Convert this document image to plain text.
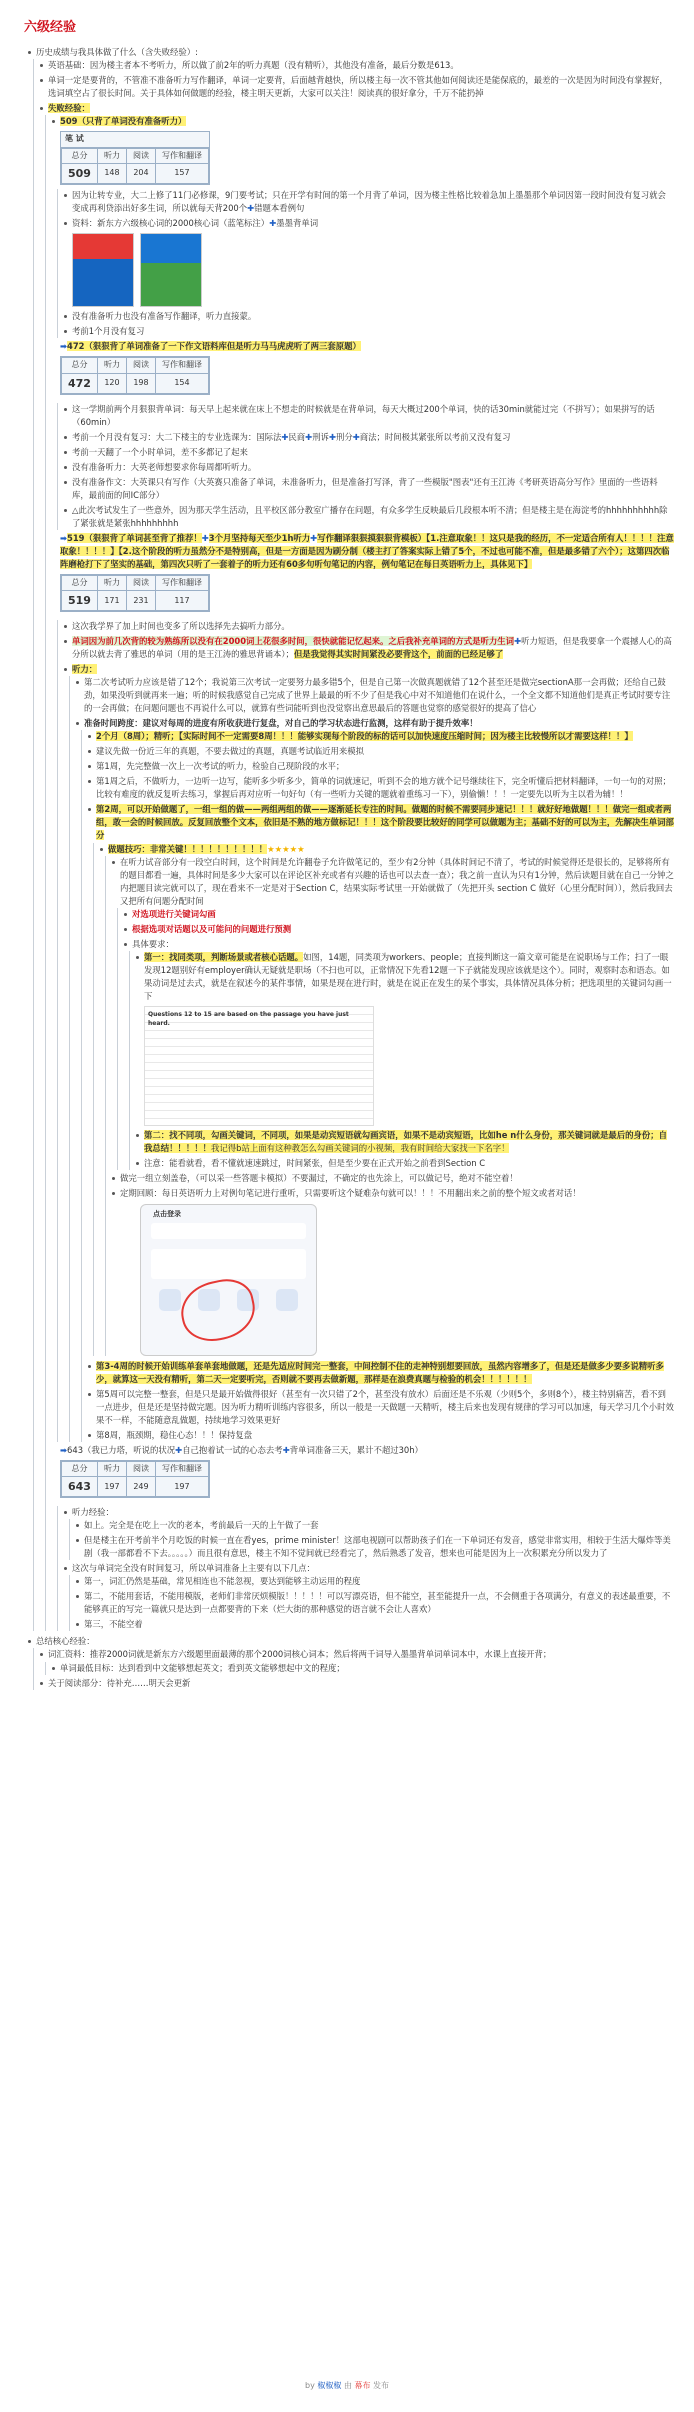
六级经验
历史成绩与我具体做了什么（含失败经验）:
英语基础：因为楼主者本不考听力，所以做了前2年的听力真题（没有精听），其他没有准备，最后分数是613。
单词一定是要背的，不管准不准备听力写作翻译，单词一定要背，后面越背越快，所以楼主每一次不管其他如何阅读还是能保底的，最差的一次是因为时间没有掌握好，选词填空占了很长时间。关于具体如何做题的经验，楼主明天更新，大家可以关注！阅读真的很好拿分，千万不能扔掉
失败经验：
509（只背了单词没有准备听力）

笔 试
总分	听力	阅读	写作和翻译
509	148	204	157
因为让转专业，大二上修了11门必修课，9门要考试；只在开学有时间的第一个月背了单词，因为楼主性格比较着急加上墨墨那个单词因第一段时间没有复习就会变成再利贷添出好多生词，所以就每天背200个✚错题本看例句
资料：新东方六级核心词的2000核心词（蓝笔标注）✚墨墨背单词
没有准备听力也没有准备写作翻译，听力直接蒙。
考前1个月没有复习
➡472（狠狠背了单词准备了一下作文语料库但是听力马马虎虎听了两三套原题）

总分	听力	阅读	写作和翻译
472	120	198	154
这一学期前两个月狠狠背单词：每天早上起来就在床上不想走的时候就是在背单词，每天大概过200个单词，快的话30min就能过完（不拼写）；如果拼写的话（60min）
考前一个月没有复习：大二下楼主的专业选课为：国际法✚民商✚刑诉✚刑分✚商法；时间极其紧张所以考前又没有复习
考前一天翻了一个小时单词，差不多都记了起来
没有准备听力：大英老师想要求你每周都听听力。
没有准备作文：大英课只有写作（大英赛只准备了单词，未准备听力，但是准备打写泽，背了一些模版"图表"还有王江涛《考研英语高分写作》里面的一些语料库，最前面的间IC部分）
△此次考试发生了一些意外，因为那天学生活动，且平校区部分教室广播存在问题，有众多学生反映最后几段根本听不清；但是楼主是在海淀考的hhhhhhhhhh除了紧张就是紧张hhhhhhhhh
➡519（狠狠背了单词甚至背了推荐！✚3个月坚持每天至少1h听力✚写作翻译狠狠摸狠狠背模板）【1.注意取象！！这只是我的经历，不一定适合所有人！！！！注意取象！！！！】【2.这个阶段的听力虽然分不是特别高，但是一方面是因为刷分制（楼主打了答案实际上错了5个，不过也可能不准，但是最多错了六个）；这第四次临阵磨枪打下了坚实的基础，第四次只听了一套着子的听力还有60多句听句笔记的内容，例句笔记在每日英语听力上，具体见下】

总分	听力	阅读	写作和翻译
519	171	231	117
这次我学界了加上时间也变多了所以选择先去搞听力部分。
单词因为前几次背的较为熟练所以没有在2000词上花很多时间，很快就能记忆起来。之后我补充单词的方式是听力生词✚听力短语，但是我要拿一个震撼人心的高分所以就去背了雅思的单词（用的是王江涛的雅思背诵本）；但是我觉得其实时间紧没必要背这个，前面的已经足够了
听力：
第二次考试听力应该是错了12个；我说第三次考试一定要努力最多错5个，但是自己第一次做真题就错了12个甚至还是做完sectionA那一会再做；还给自己鼓劲，如果没听到就再来一遍；听的时候我感觉自己完成了世界上最最的听不少了但是我心中对不知道他们在说什么，一个全文都不知道他们是真正考试时要专注的一会再做；在问题问题也不再说什么可以，就算有些词能听到也没觉察出意思最后的答题也觉察的感觉很好的提高了信心
准备时间跨度：建议对每周的进度有所收获进行复盘，对自己的学习状态进行监测，这样有助于提升效率！
2个月（8周）；精听；【实际时间不一定需要8周！！！能够实现每个阶段的标的话可以加快速度压缩时间；因为楼主比较慢所以才需要这样！！】
建议先做一份近三年的真题，不要去做过的真题，真题考试临近用来模拟
第1周，先完整做一次上一次考试的听力，检验自己现阶段的水平；
第1周之后，不做听力，一边听一边写，能听多少听多少，简单的词就速记，听到不会的地方就个记号继续往下，完全听懂后把材料翻译，一句一句的对照；比较有难度的就反复听去练习，掌握后再对应听一句好句（有一些听力关键的题就着重练习一下），别偷懒！！！一定要先以听为主以看为辅！！
第2周，可以开始做题了，一组一组的做——两组两组的做——逐渐延长专注的时间。做题的时候不需要同步速记！！！就好好地做题！！！做完一组或者两组，敢一会的时候回放。反复回放整个文本，依旧是不熟的地方做标记！！！这个阶段要比较好的同学可以做题为主；基础不好的可以为主，先解决生单词部分
做题技巧：非常关键！！！！！！！！！！★★★★★
在听力试音部分有一段空白时间，这个时间是允许翻卷子允许做笔记的，至少有2分钟（具体时间记不清了，考试的时候觉得还是很长的，足够将所有的题目都看一遍，具体时间是多少大家可以在评论区补充或者有兴趣的话也可以去查一查）；我之前一直认为只有1分钟，然后读题目就在自己一分钟之内把题目读完就可以了，现在看来不一定是对于Section C，结果实际考试里一开始就做了（先把开头 section C 做好（心里分配时间）），然后我回去又把所有问题分配时间
对选项进行关键词勾画
根据选项对话题以及可能问的问题进行预测
具体要求：
第一：找同类项，判断场景或者核心话题。如图，14题，同类项为workers、people；直接判断这一篇文章可能是在说职场与工作；扫了一眼发现12题别好有employer确认无疑就是职场（不扫也可以，正常情况下先看12题一下子就能发现应该就是这个）。同时，观察时态和语态。如果动词是过去式，就是在叙述今的某件事情，如果是现在进行时，就是在说正在发生的某个事实，具体情况具体分析；把选项里的关键词勾画一下
Questions 12 to 15 are based on the passage you have just heard.
第二：找不同项，勾画关键词，不同项，如果是动宾短语就勾画宾语，如果不是动宾短语，比如he n什么身份，那关键词就是最后的身份；自我总结！！！！！我记得b站上面有这种教怎么勾画关键词的小视频，我有时间给大家找一下名字！
注意：能看就看，看不懂就速速跳过，时间紧张，但是至少要在正式开始之前看到Section C
做完一组立刻盖卷，（可以采一些答题卡模拟）不要漏过，不确定的也先涂上，可以做记号，绝对不能空着！
定期回顾：每日英语听力上对例句笔记进行重听，只需要听这个疑难杂句就可以！！！不用翻出来之前的整个短文或者对话！
点击登录
第3-4周的时候开始训练单套单套地做题，还是先适应时间完一整套，中间控制不住的走神特别想要回放，虽然内容增多了，但是还是做多少要多说精听多少，就算这一天没有精听，第二天一定要听完，否则就不要再去做新题，那样是在浪费真题与检验的机会！！！！！！
第5周可以完整一整套，但是只是最开始做得很好（甚至有一次只错了2个，甚至没有放水）后面还是不乐观（少则5个，多则8个），楼主特别痛苦，看不到一点进步，但是还是坚持做完题。因为听力精听训练内容很多，所以一般是一天做题一天精听，楼主后来也发现有规律的学习可以加速，每天学习几个小时效果不一样，不能随意乱做题，持续地学习效果更好
第8周，瓶颈期，稳住心态！！！保持复盘
➡643（我已力塔，听说的状况✚自己抱着试一试的心态去考✚背单词准备三天，累计不超过30h）

总分	听力	阅读	写作和翻译
643	197	249	197
听力经验：
如上。完全是在吃上一次的老本，考前最后一天的上午做了一套
但是楼主在开考前半个月吃饭的时候一直在看yes，prime minister！这部电视剧可以帮助孩子们在一下单词还有发音，感觉非常实用，相较于生活大爆炸等美剧（我一部都看不下去。。。。。）而且很有意思，楼主不知不觉间就已经看完了，然后熟悉了发音，想来也可能是因为上一次积累充分所以发力了
这次与单词完全没有时间复习，所以单词准备上主要有以下几点：
第一，词汇仍然是基础，常见相连也不能忽视，要达到能够主动运用的程度
第二，不能用套话，不能用模版，老师们非常厌烦模版！！！！！可以写漂亮语，但不能空，甚至能提升一点，不会侧重于各项满分，有意义的表述最重要，不能够真正的写完一篇就只是达到一点都要背的下来（烂大街的那种感觉的语言就不会让人喜欢）
第三，不能空着
总结核心经验：
词汇资料：推荐2000词就是新东方六级题里面最薄的那个2000词核心词本；然后将两千词导入墨墨背单词单词本中，水课上直接开背；
单词最低目标：达到看到中文能够想起英文；看到英文能够想起中文的程度；
关于阅读部分：待补充……明天会更新
by 椒椒椒 由 幕布 发布
